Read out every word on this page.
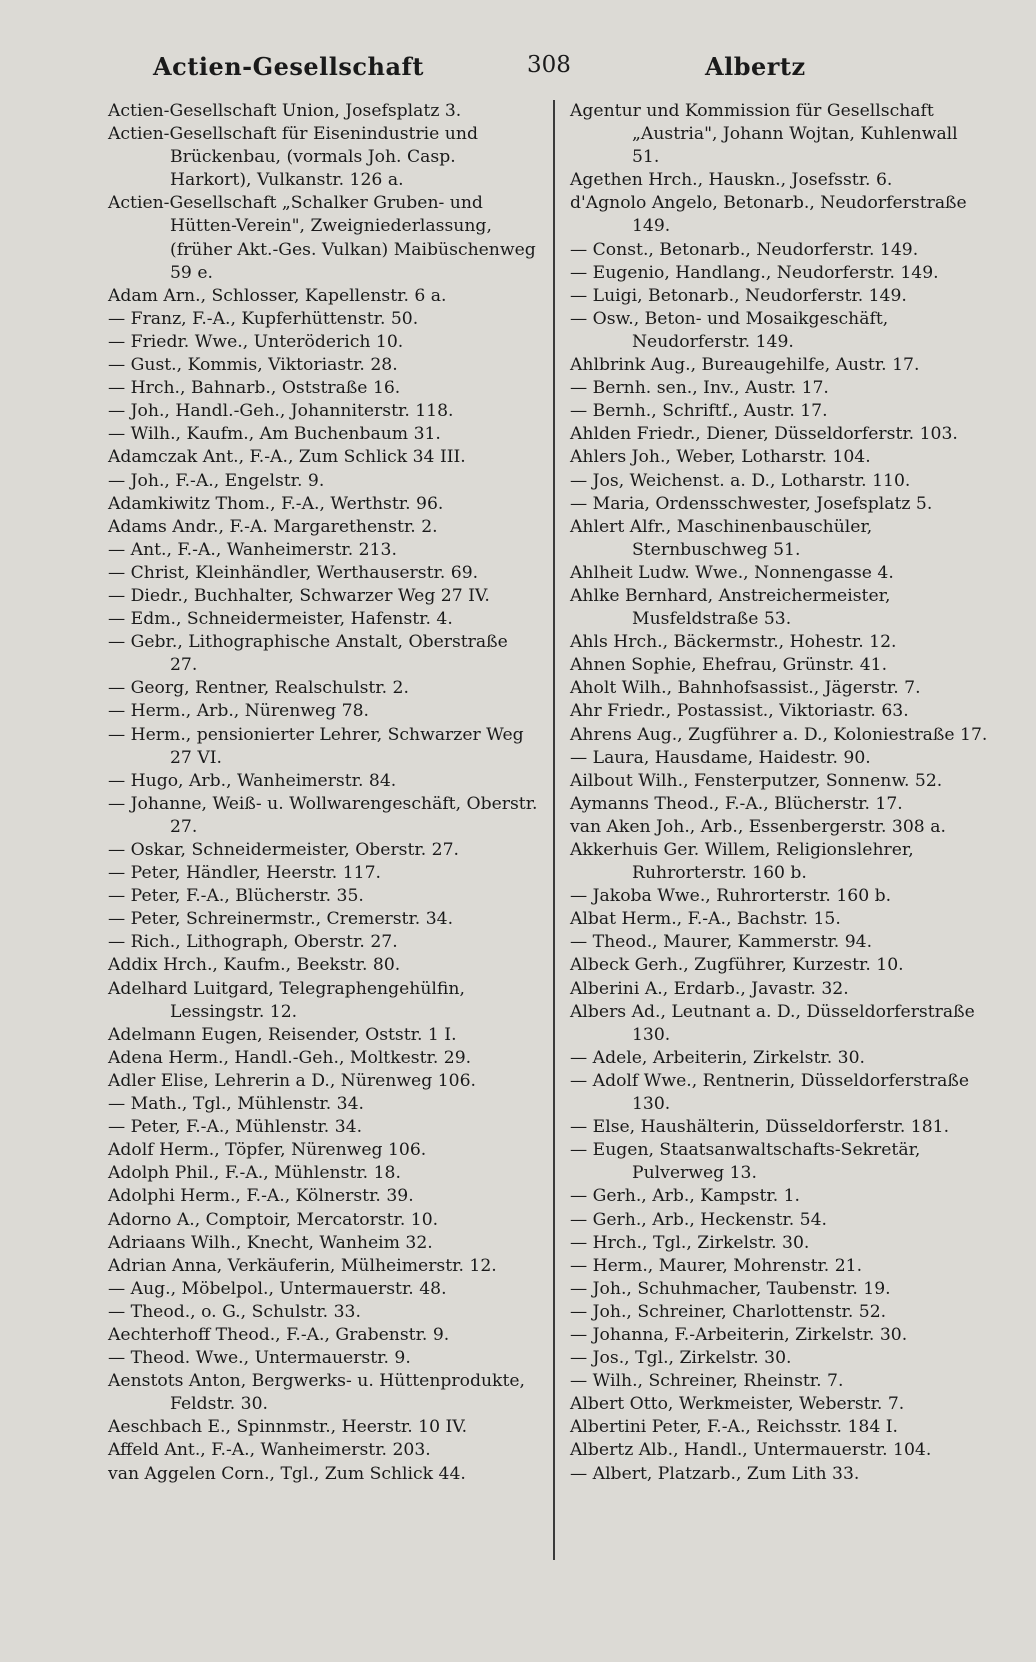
Actien-Gesellschaft	308	Albertz

Actien-Gesellschaft Union, Josefsplatz 3.

Actien-Gesellschaft für Eisenindustrie und Brückenbau, (vormals Joh. Casp. Harkort), Vulkanstr. 126 a.

Actien-Gesellschaft „Schalker Gruben- und Hütten-Verein", Zweigniederlassung, (früher Akt.-Ges. Vulkan) Maibüschenweg 59 e.

Adam Arn., Schlosser, Kapellenstr. 6 a.

— Franz, F.-A., Kupferhüttenstr. 50.

— Friedr. Wwe., Unteröderich 10.

— Gust., Kommis, Viktoriastr. 28.

— Hrch., Bahnarb., Oststraße 16.

— Joh., Handl.-Geh., Johanniterstr. 118.

— Wilh., Kaufm., Am Buchenbaum 31.

Adamczak Ant., F.-A., Zum Schlick 34 III.

— Joh., F.-A., Engelstr. 9.

Adamkiwitz Thom., F.-A., Werthstr. 96.

Adams Andr., F.-A. Margarethenstr. 2.

— Ant., F.-A., Wanheimerstr. 213.

— Christ, Kleinhändler, Werthauserstr. 69.

— Diedr., Buchhalter, Schwarzer Weg 27 IV.

— Edm., Schneidermeister, Hafenstr. 4.

— Gebr., Lithographische Anstalt, Oberstraße 27.

— Georg, Rentner, Realschulstr. 2.

— Herm., Arb., Nürenweg 78.

— Herm., pensionierter Lehrer, Schwarzer Weg 27 VI.

— Hugo, Arb., Wanheimerstr. 84.

— Johanne, Weiß- u. Wollwarengeschäft, Oberstr. 27.

— Oskar, Schneidermeister, Oberstr. 27.

— Peter, Händler, Heerstr. 117.

— Peter, F.-A., Blücherstr. 35.

— Peter, Schreinermstr., Cremerstr. 34.

— Rich., Lithograph, Oberstr. 27.

Addix Hrch., Kaufm., Beekstr. 80.

Adelhard Luitgard, Telegraphengehülfin, Lessingstr. 12.

Adelmann Eugen, Reisender, Oststr. 1 I.

Adena Herm., Handl.-Geh., Moltkestr. 29.

Adler Elise, Lehrerin a D., Nürenweg 106.

— Math., Tgl., Mühlenstr. 34.

— Peter, F.-A., Mühlenstr. 34.

Adolf Herm., Töpfer, Nürenweg 106.

Adolph Phil., F.-A., Mühlenstr. 18.

Adolphi Herm., F.-A., Kölnerstr. 39.

Adorno A., Comptoir, Mercatorstr. 10.

Adriaans Wilh., Knecht, Wanheim 32.

Adrian Anna, Verkäuferin, Mülheimerstr. 12.

— Aug., Möbelpol., Untermauerstr. 48.

— Theod., o. G., Schulstr. 33.

Aechterhoff Theod., F.-A., Grabenstr. 9.

— Theod. Wwe., Untermauerstr. 9.

Aenstots Anton, Bergwerks- u. Hüttenprodukte, Feldstr. 30.

Aeschbach E., Spinnmstr., Heerstr. 10 IV.

Affeld Ant., F.-A., Wanheimerstr. 203.

van Aggelen Corn., Tgl., Zum Schlick 44.

Agentur und Kommission für Gesellschaft „Austria", Johann Wojtan, Kuhlenwall 51.

Agethen Hrch., Hauskn., Josefsstr. 6.

d'Agnolo Angelo, Betonarb., Neudorferstraße 149.

— Const., Betonarb., Neudorferstr. 149.

— Eugenio, Handlang., Neudorferstr. 149.

— Luigi, Betonarb., Neudorferstr. 149.

— Osw., Beton- und Mosaikgeschäft, Neudorferstr. 149.

Ahlbrink Aug., Bureaugehilfe, Austr. 17.

— Bernh. sen., Inv., Austr. 17.

— Bernh., Schriftf., Austr. 17.

Ahlden Friedr., Diener, Düsseldorferstr. 103.

Ahlers Joh., Weber, Lotharstr. 104.

— Jos, Weichenst. a. D., Lotharstr. 110.

— Maria, Ordensschwester, Josefsplatz 5.

Ahlert Alfr., Maschinenbauschüler, Sternbuschweg 51.

Ahlheit Ludw. Wwe., Nonnengasse 4.

Ahlke Bernhard, Anstreichermeister, Musfeldstraße 53.

Ahls Hrch., Bäckermstr., Hohestr. 12.

Ahnen Sophie, Ehefrau, Grünstr. 41.

Aholt Wilh., Bahnhofsassist., Jägerstr. 7.

Ahr Friedr., Postassist., Viktoriastr. 63.

Ahrens Aug., Zugführer a. D., Koloniestraße 17.

— Laura, Hausdame, Haidestr. 90.

Ailbout Wilh., Fensterputzer, Sonnenw. 52.

Aymanns Theod., F.-A., Blücherstr. 17.

van Aken Joh., Arb., Essenbergerstr. 308 a.

Akkerhuis Ger. Willem, Religionslehrer, Ruhrorterstr. 160 b.

— Jakoba Wwe., Ruhrorterstr. 160 b.

Albat Herm., F.-A., Bachstr. 15.

— Theod., Maurer, Kammerstr. 94.

Albeck Gerh., Zugführer, Kurzestr. 10.

Alberini A., Erdarb., Javastr. 32.

Albers Ad., Leutnant a. D., Düsseldorferstraße 130.

— Adele, Arbeiterin, Zirkelstr. 30.

— Adolf Wwe., Rentnerin, Düsseldorferstraße 130.

— Else, Haushälterin, Düsseldorferstr. 181.

— Eugen, Staatsanwaltschafts-Sekretär, Pulverweg 13.

— Gerh., Arb., Kampstr. 1.

— Gerh., Arb., Heckenstr. 54.

— Hrch., Tgl., Zirkelstr. 30.

— Herm., Maurer, Mohrenstr. 21.

— Joh., Schuhmacher, Taubenstr. 19.

— Joh., Schreiner, Charlottenstr. 52.

— Johanna, F.-Arbeiterin, Zirkelstr. 30.

— Jos., Tgl., Zirkelstr. 30.

— Wilh., Schreiner, Rheinstr. 7.

Albert Otto, Werkmeister, Weberstr. 7.

Albertini Peter, F.-A., Reichsstr. 184 I.

Albertz Alb., Handl., Untermauerstr. 104.

— Albert, Platzarb., Zum Lith 33.
